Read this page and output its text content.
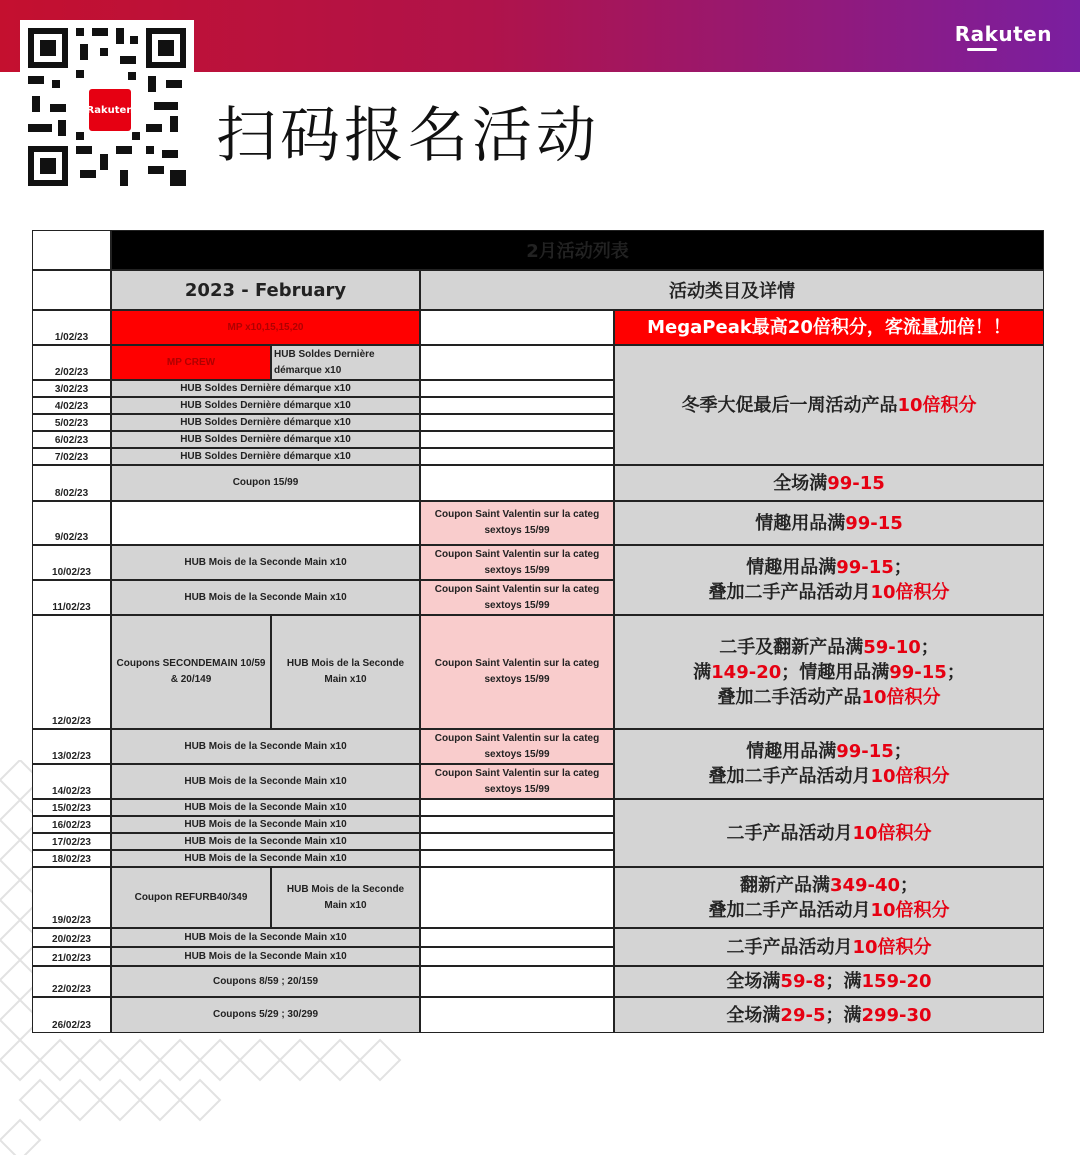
Rakuten
Rakuten 扫码报名活动
2月活动列表
2023 - February	活动类目及详情
1/02/23
2/02/23
3/02/23
4/02/23
5/02/23
6/02/23
7/02/23
8/02/23
9/02/23
10/02/23
11/02/23
12/02/23
13/02/23
14/02/23
15/02/23
16/02/23
17/02/23
18/02/23
19/02/23
20/02/23
21/02/23
22/02/23
26/02/23
MP x10,15,15,20
MP CREW
HUB Soldes Dernière démarque x10
HUB Soldes Dernière démarque x10
HUB Soldes Dernière démarque x10
HUB Soldes Dernière démarque x10
HUB Soldes Dernière démarque x10
HUB Soldes Dernière démarque x10
Coupon 15/99
HUB Mois de la Seconde Main x10
HUB Mois de la Seconde Main x10
Coupons SECONDEMAIN 10/59 & 20/149
HUB Mois de la Seconde Main x10
HUB Mois de la Seconde Main x10
HUB Mois de la Seconde Main x10
HUB Mois de la Seconde Main x10
HUB Mois de la Seconde Main x10
HUB Mois de la Seconde Main x10
HUB Mois de la Seconde Main x10
Coupon REFURB40/349
HUB Mois de la Seconde Main x10
HUB Mois de la Seconde Main x10
HUB Mois de la Seconde Main x10
Coupons 8/59 ; 20/159
Coupons 5/29 ; 30/299
Coupon Saint Valentin sur la categ sextoys 15/99
Coupon Saint Valentin sur la categ sextoys 15/99
Coupon Saint Valentin sur la categ sextoys 15/99
Coupon Saint Valentin sur la categ sextoys 15/99
Coupon Saint Valentin sur la categ sextoys 15/99
Coupon Saint Valentin sur la categ sextoys 15/99
MegaPeak最高20倍积分，客流量加倍！！
冬季大促最后一周活动产品10倍积分
全场满99-15
情趣用品满99-15
情趣用品满99-15；
叠加二手产品活动月10倍积分
二手及翻新产品满59-10；
满149-20；情趣用品满99-15；
叠加二手活动产品10倍积分
情趣用品满99-15；
叠加二手产品活动月10倍积分
二手产品活动月10倍积分
翻新产品满349-40；
叠加二手产品活动月10倍积分
二手产品活动月10倍积分
全场满59-8；满159-20
全场满29-5；满299-30
